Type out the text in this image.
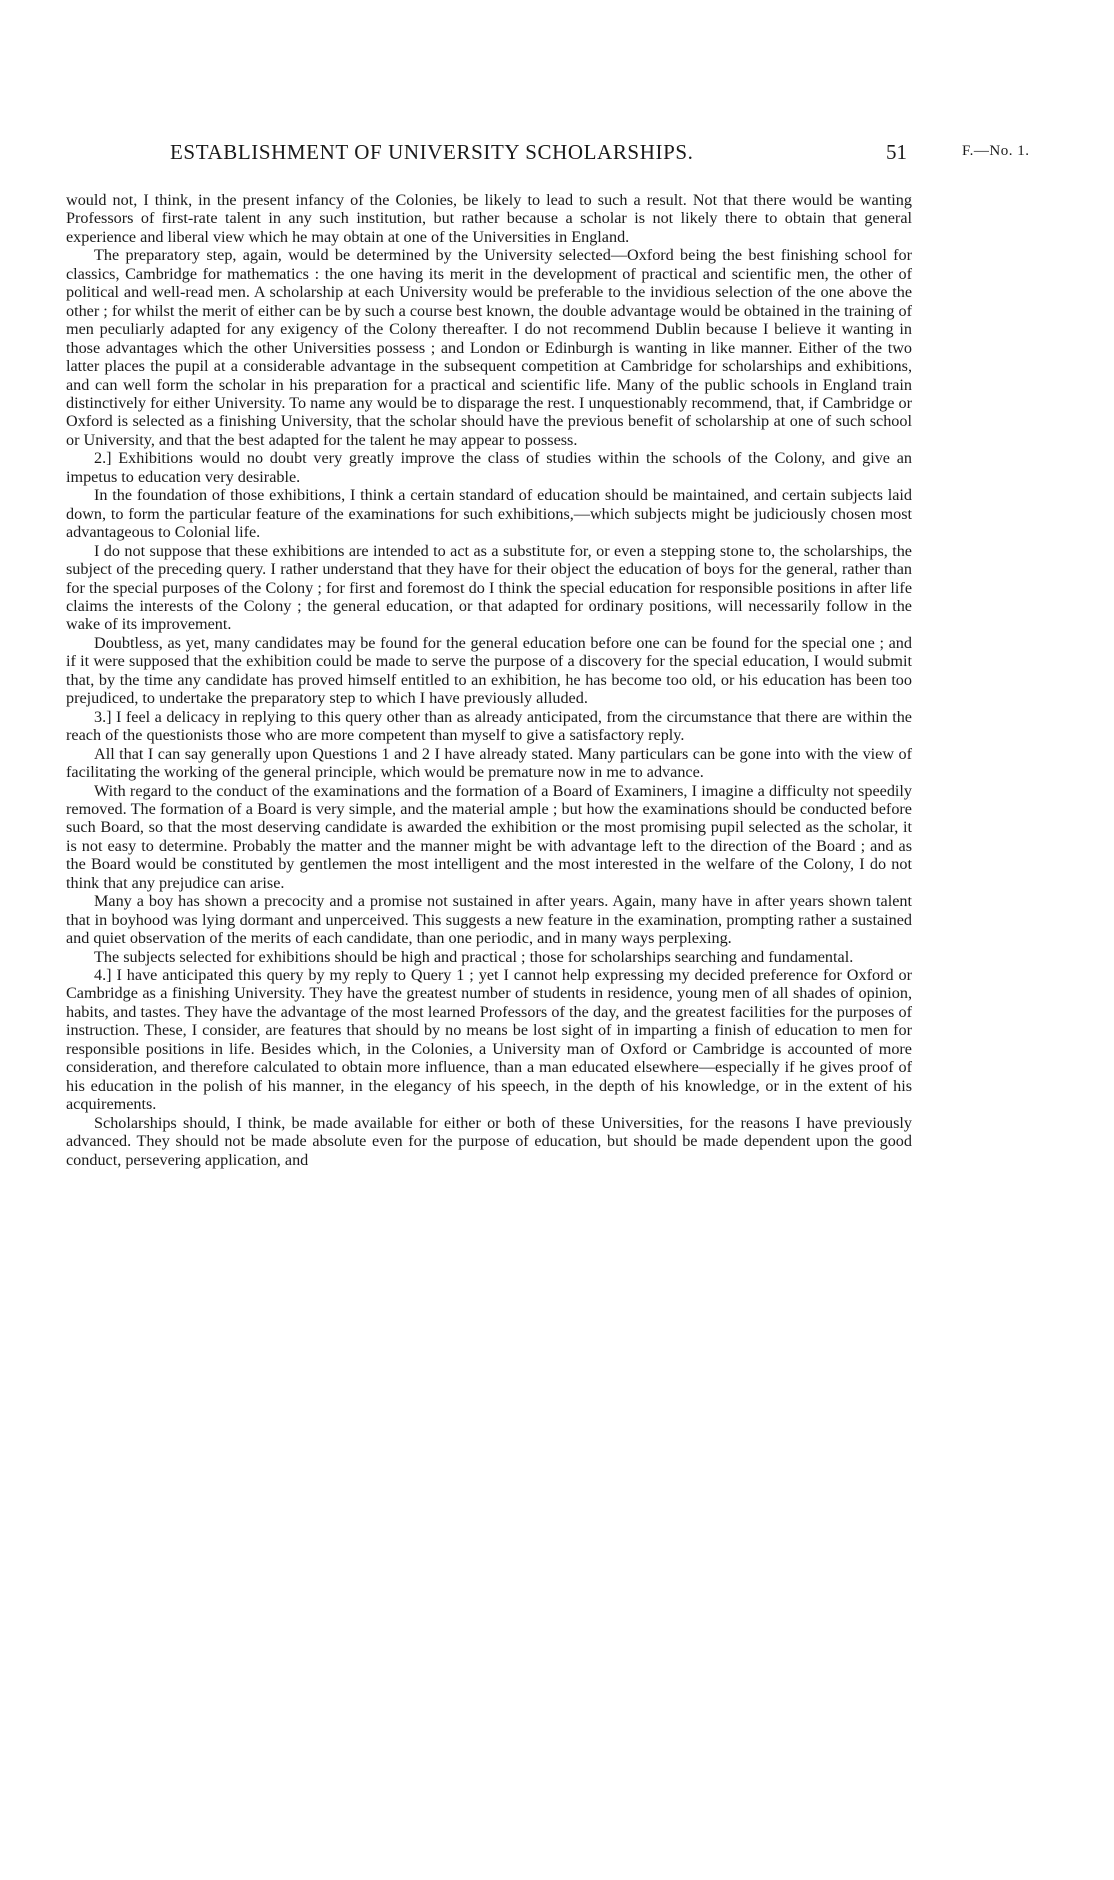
ESTABLISHMENT OF UNIVERSITY SCHOLARSHIPS.	51	F.—No. 1.

would not, I think, in the present infancy of the Colonies, be likely to lead to such a result. Not that there would be wanting Professors of first-rate talent in any such institution, but rather because a scholar is not likely there to obtain that general experience and liberal view which he may obtain at one of the Universities in England.

The preparatory step, again, would be determined by the University selected—Oxford being the best finishing school for classics, Cambridge for mathematics : the one having its merit in the development of practical and scientific men, the other of political and well-read men. A scholarship at each University would be preferable to the invidious selection of the one above the other ; for whilst the merit of either can be by such a course best known, the double advantage would be obtained in the training of men peculiarly adapted for any exigency of the Colony thereafter. I do not recommend Dublin because I believe it wanting in those advantages which the other Universities possess ; and London or Edinburgh is wanting in like manner. Either of the two latter places the pupil at a considerable advantage in the subsequent competition at Cambridge for scholarships and exhibitions, and can well form the scholar in his preparation for a practical and scientific life. Many of the public schools in England train distinctively for either University. To name any would be to disparage the rest. I unquestionably recommend, that, if Cambridge or Oxford is selected as a finishing University, that the scholar should have the previous benefit of scholarship at one of such school or University, and that the best adapted for the talent he may appear to possess.

2.] Exhibitions would no doubt very greatly improve the class of studies within the schools of the Colony, and give an impetus to education very desirable.

In the foundation of those exhibitions, I think a certain standard of education should be maintained, and certain subjects laid down, to form the particular feature of the examinations for such exhibitions,—which subjects might be judiciously chosen most advantageous to Colonial life.

I do not suppose that these exhibitions are intended to act as a substitute for, or even a stepping stone to, the scholarships, the subject of the preceding query. I rather understand that they have for their object the education of boys for the general, rather than for the special purposes of the Colony ; for first and foremost do I think the special education for responsible positions in after life claims the interests of the Colony ; the general education, or that adapted for ordinary positions, will necessarily follow in the wake of its improvement.

Doubtless, as yet, many candidates may be found for the general education before one can be found for the special one ; and if it were supposed that the exhibition could be made to serve the purpose of a discovery for the special education, I would submit that, by the time any candidate has proved himself entitled to an exhibition, he has become too old, or his education has been too prejudiced, to undertake the preparatory step to which I have previously alluded.

3.] I feel a delicacy in replying to this query other than as already anticipated, from the circumstance that there are within the reach of the questionists those who are more competent than myself to give a satisfactory reply.

All that I can say generally upon Questions 1 and 2 I have already stated. Many particulars can be gone into with the view of facilitating the working of the general principle, which would be premature now in me to advance.

With regard to the conduct of the examinations and the formation of a Board of Examiners, I imagine a difficulty not speedily removed. The formation of a Board is very simple, and the material ample ; but how the examinations should be conducted before such Board, so that the most deserving candidate is awarded the exhibition or the most promising pupil selected as the scholar, it is not easy to determine. Probably the matter and the manner might be with advantage left to the direction of the Board ; and as the Board would be constituted by gentlemen the most intelligent and the most interested in the welfare of the Colony, I do not think that any prejudice can arise.

Many a boy has shown a precocity and a promise not sustained in after years. Again, many have in after years shown talent that in boyhood was lying dormant and unperceived. This suggests a new feature in the examination, prompting rather a sustained and quiet observation of the merits of each candidate, than one periodic, and in many ways perplexing.

The subjects selected for exhibitions should be high and practical ; those for scholarships searching and fundamental.

4.] I have anticipated this query by my reply to Query 1 ; yet I cannot help expressing my decided preference for Oxford or Cambridge as a finishing University. They have the greatest number of students in residence, young men of all shades of opinion, habits, and tastes. They have the advantage of the most learned Professors of the day, and the greatest facilities for the purposes of instruction. These, I consider, are features that should by no means be lost sight of in imparting a finish of education to men for responsible positions in life. Besides which, in the Colonies, a University man of Oxford or Cambridge is accounted of more consideration, and therefore calculated to obtain more influence, than a man educated elsewhere—especially if he gives proof of his education in the polish of his manner, in the elegancy of his speech, in the depth of his knowledge, or in the extent of his acquirements.

Scholarships should, I think, be made available for either or both of these Universities, for the reasons I have previously advanced. They should not be made absolute even for the purpose of education, but should be made dependent upon the good conduct, persevering application, and
